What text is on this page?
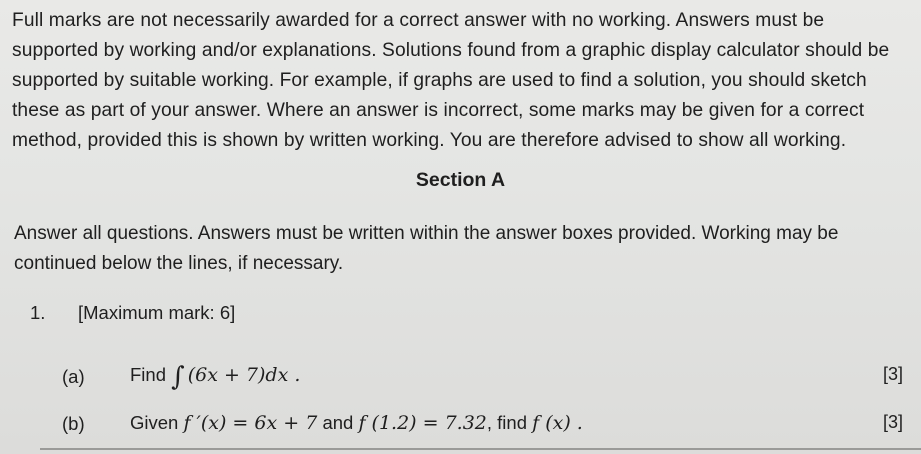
Full marks are not necessarily awarded for a correct answer with no working. Answers must be
supported by working and/or explanations. Solutions found from a graphic display calculator should be
supported by suitable working. For example, if graphs are used to find a solution, you should sketch
these as part of your answer. Where an answer is incorrect, some marks may be given for a correct
method, provided this is shown by written working. You are therefore advised to show all working.
Section A
Answer all questions. Answers must be written within the answer boxes provided. Working may be
continued below the lines, if necessary.
1. [Maximum mark: 6]
(a) Find ∫ (6x + 7)dx .	[3]
(b) Given f ′(x) = 6x + 7 and f (1.2) = 7.32, find f (x) .	[3]
